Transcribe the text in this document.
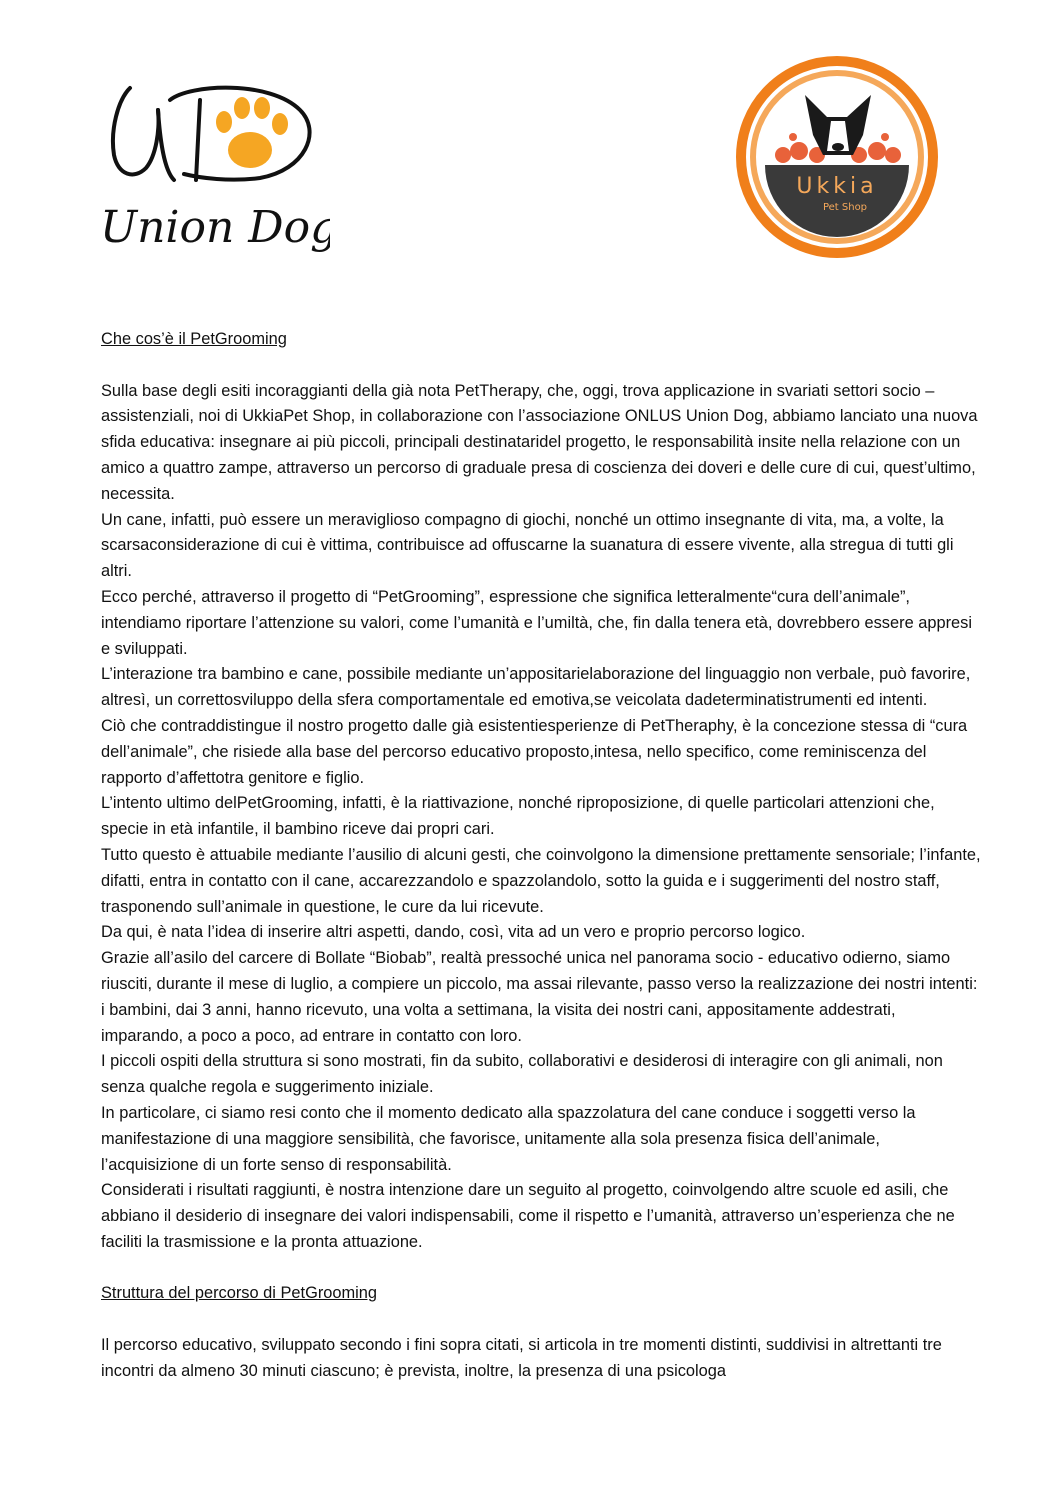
Union Dog
Ukkia
Pet Shop
Che cos’è il PetGrooming

Sulla base degli esiti incoraggianti della già nota PetTherapy, che, oggi, trova applicazione in svariati settori socio – assistenziali, noi di UkkiaPet Shop, in collaborazione con l’associazione ONLUS Union Dog, abbiamo lanciato una nuova sfida educativa: insegnare ai più piccoli, principali destinataridel progetto, le responsabilità insite nella relazione con un amico a quattro zampe, attraverso un percorso di graduale presa di coscienza dei doveri e delle cure di cui, quest’ultimo, necessita.

Un cane, infatti, può essere un meraviglioso compagno di giochi, nonché un ottimo insegnante di vita, ma, a volte, la scarsaconsiderazione di cui è vittima, contribuisce ad offuscarne la suanatura di essere vivente, alla stregua di tutti gli altri.

Ecco perché, attraverso il progetto di “PetGrooming”, espressione che significa letteralmente“cura dell’animale”, intendiamo riportare l’attenzione su valori, come l’umanità e l’umiltà, che, fin dalla tenera età, dovrebbero essere appresi e sviluppati.

L’interazione tra bambino e cane, possibile mediante un’appositarielaborazione del linguaggio non verbale, può favorire, altresì, un correttosviluppo della sfera comportamentale ed emotiva,se veicolata dadeterminatistrumenti ed intenti.

Ciò che contraddistingue il nostro progetto dalle già esistentiesperienze di PetTheraphy, è la concezione stessa di “cura dell’animale”, che risiede alla base del percorso educativo proposto,intesa, nello specifico, come reminiscenza del rapporto d’affettotra genitore e figlio.

L’intento ultimo delPetGrooming, infatti, è la riattivazione, nonché riproposizione, di quelle particolari attenzioni che, specie in età infantile, il bambino riceve dai propri cari.

Tutto questo è attuabile mediante l’ausilio di alcuni gesti, che coinvolgono la dimensione prettamente sensoriale; l’infante, difatti, entra in contatto con il cane, accarezzandolo e spazzolandolo, sotto la guida e i suggerimenti del nostro staff, trasponendo sull’animale in questione, le cure da lui ricevute.

Da qui, è nata l’idea di inserire altri aspetti, dando, così, vita ad un vero e proprio percorso logico.

Grazie all’asilo del carcere di Bollate “Biobab”, realtà pressoché unica nel panorama socio - educativo odierno, siamo riusciti, durante il mese di luglio, a compiere un piccolo, ma assai rilevante, passo verso la realizzazione dei nostri intenti: i bambini, dai 3 anni, hanno ricevuto, una volta a settimana, la visita dei nostri cani, appositamente addestrati, imparando, a poco a poco, ad entrare in contatto con loro.

I piccoli ospiti della struttura si sono mostrati, fin da subito, collaborativi e desiderosi di interagire con gli animali, non senza qualche regola e suggerimento iniziale.

In particolare, ci siamo resi conto che il momento dedicato alla spazzolatura del cane conduce i soggetti verso la manifestazione di una maggiore sensibilità, che favorisce, unitamente alla sola presenza fisica dell’animale, l’acquisizione di un forte senso di responsabilità.

Considerati i risultati raggiunti, è nostra intenzione dare un seguito al progetto, coinvolgendo altre scuole ed asili, che abbiano il desiderio di insegnare dei valori indispensabili, come il rispetto e l’umanità, attraverso un’esperienza che ne faciliti la trasmissione e la pronta attuazione.

Struttura del percorso di PetGrooming

Il percorso educativo, sviluppato secondo i fini sopra citati, si articola in tre momenti distinti, suddivisi in altrettanti tre incontri da almeno 30 minuti ciascuno; è prevista, inoltre, la presenza di una psicologa
